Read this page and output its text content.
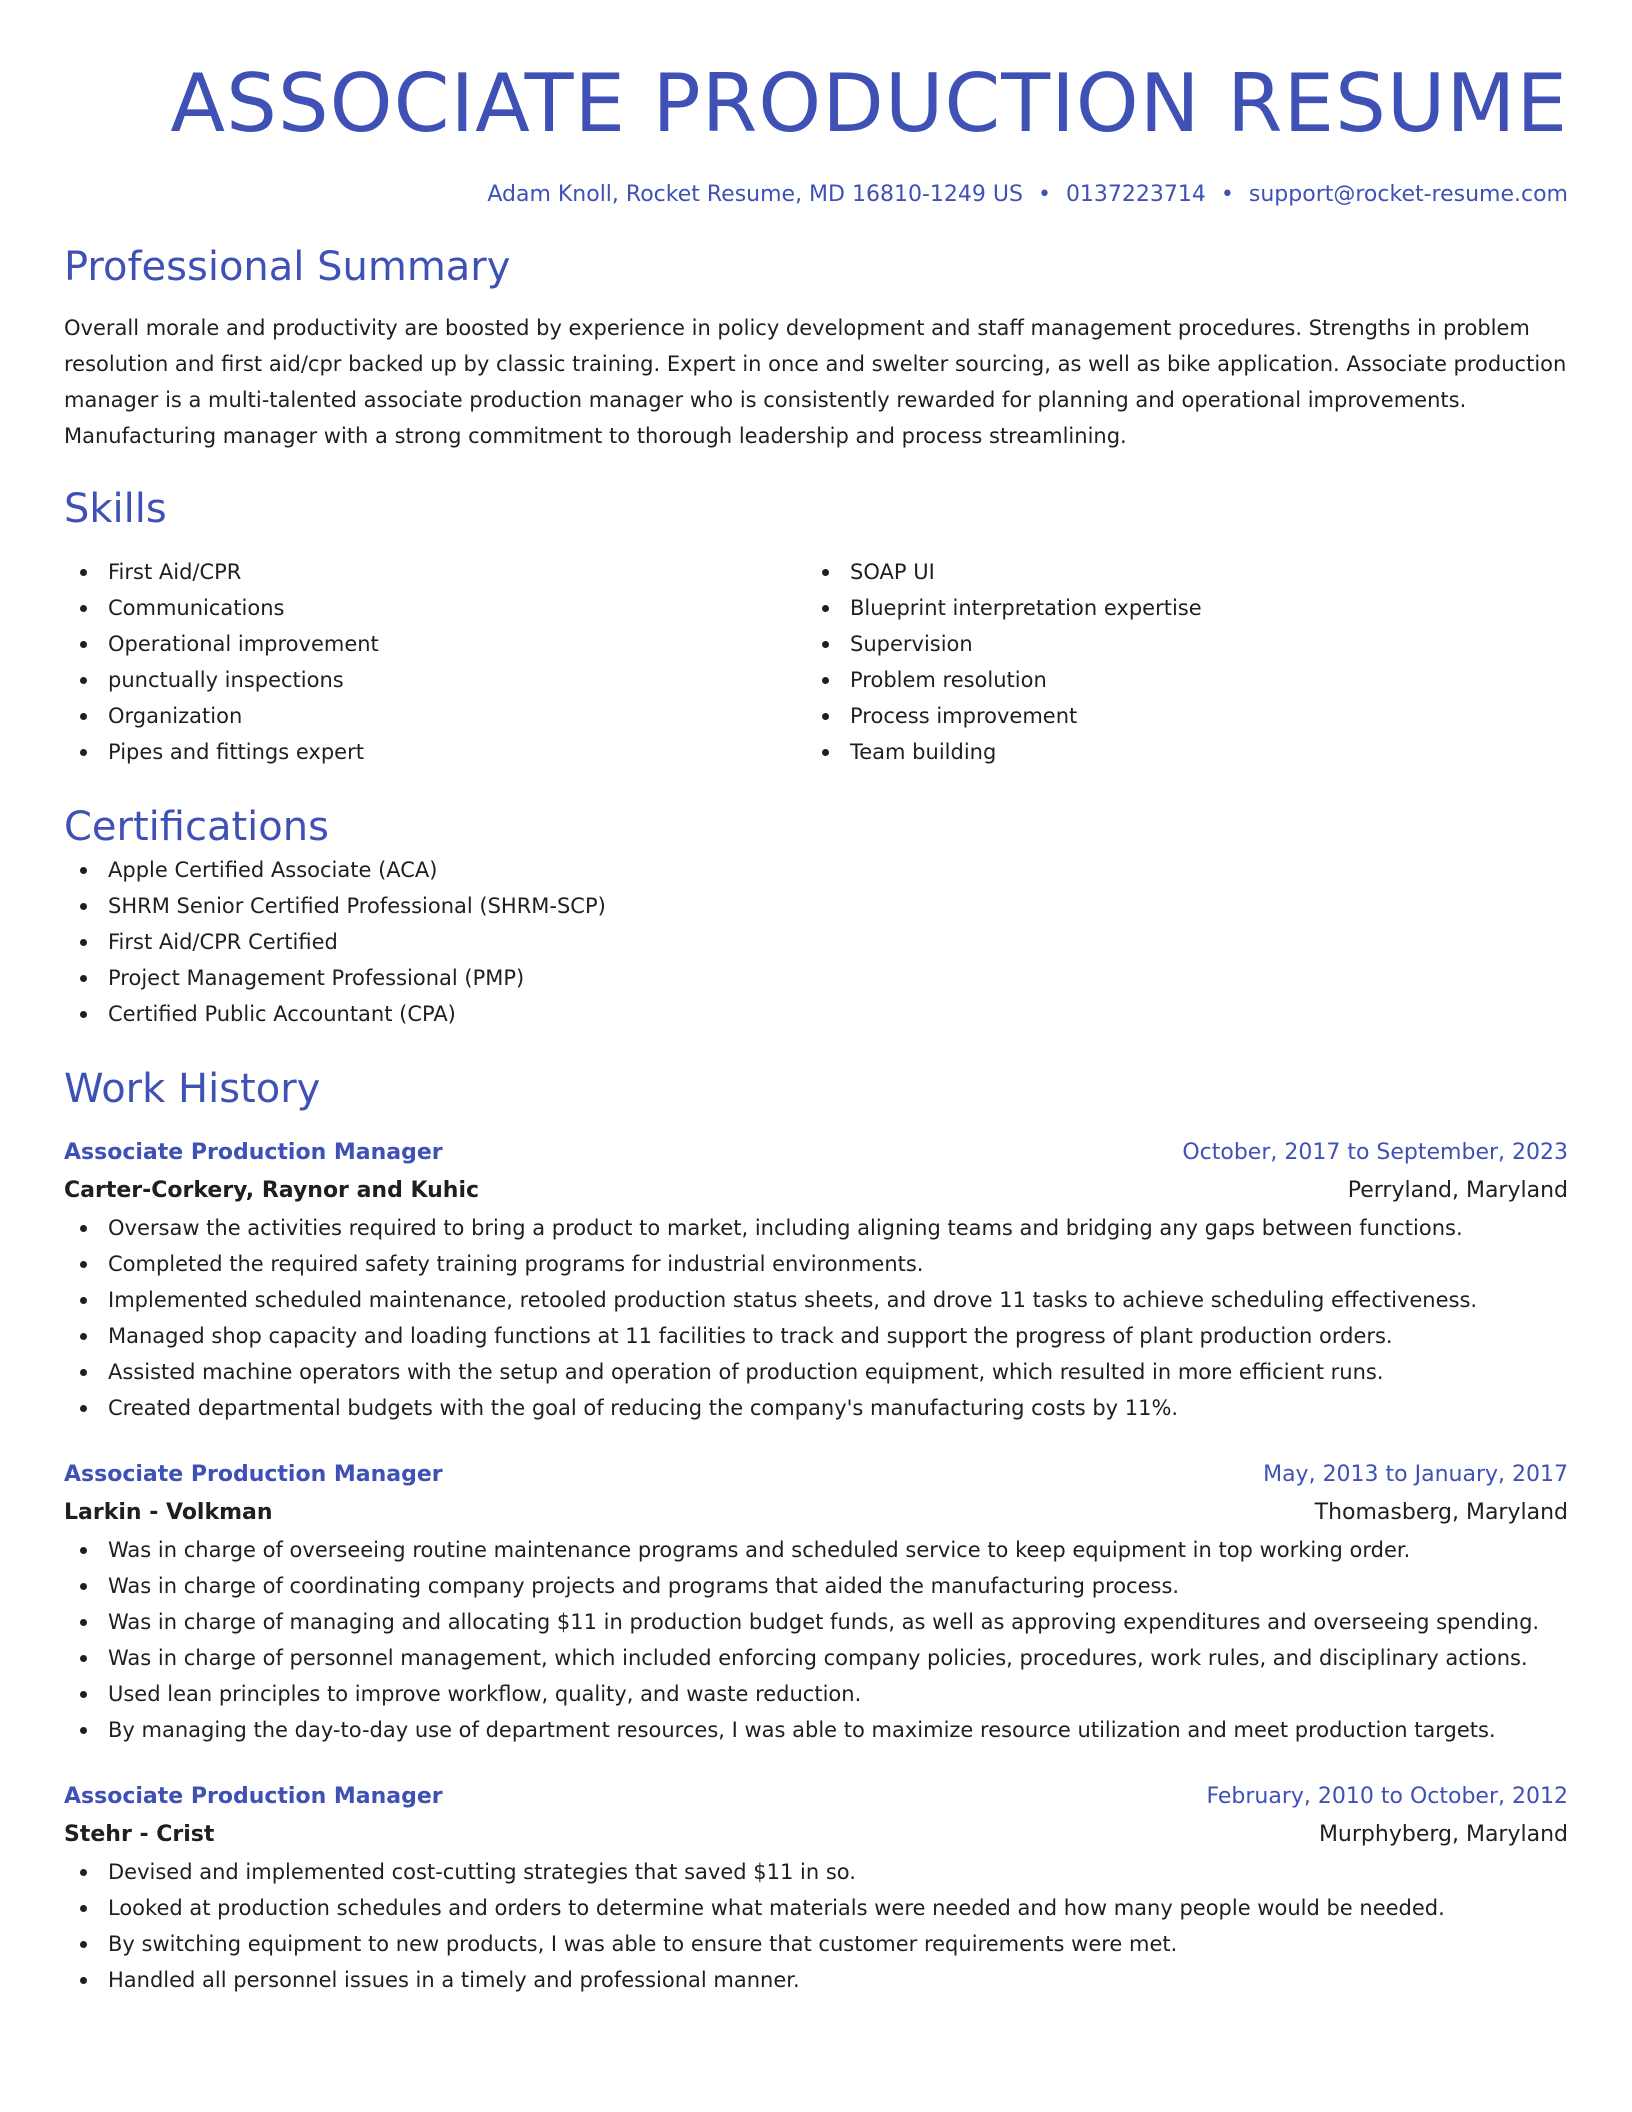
ASSOCIATE PRODUCTION RESUME
Adam Knoll, Rocket Resume, MD 16810-1249 US • 0137223714 • support@rocket-resume.com
Professional Summary
Overall morale and productivity are boosted by experience in policy development and staff management procedures. Strengths in problem resolution and first aid/cpr backed up by classic training. Expert in once and swelter sourcing, as well as bike application. Associate production manager is a multi-talented associate production manager who is consistently rewarded for planning and operational improvements. Manufacturing manager with a strong commitment to thorough leadership and process streamlining.
Skills
First Aid/CPR
Communications
Operational improvement
punctually inspections
Organization
Pipes and fittings expert
SOAP UI
Blueprint interpretation expertise
Supervision
Problem resolution
Process improvement
Team building
Certifications
Apple Certified Associate (ACA)
SHRM Senior Certified Professional (SHRM-SCP)
First Aid/CPR Certified
Project Management Professional (PMP)
Certified Public Accountant (CPA)
Work History
Associate Production Manager	October, 2017 to September, 2023
Carter-Corkery, Raynor and Kuhic	Perryland, Maryland
Oversaw the activities required to bring a product to market, including aligning teams and bridging any gaps between functions.
Completed the required safety training programs for industrial environments.
Implemented scheduled maintenance, retooled production status sheets, and drove 11 tasks to achieve scheduling effectiveness.
Managed shop capacity and loading functions at 11 facilities to track and support the progress of plant production orders.
Assisted machine operators with the setup and operation of production equipment, which resulted in more efficient runs.
Created departmental budgets with the goal of reducing the company's manufacturing costs by 11%.
Associate Production Manager	May, 2013 to January, 2017
Larkin - Volkman	Thomasberg, Maryland
Was in charge of overseeing routine maintenance programs and scheduled service to keep equipment in top working order.
Was in charge of coordinating company projects and programs that aided the manufacturing process.
Was in charge of managing and allocating $11 in production budget funds, as well as approving expenditures and overseeing spending.
Was in charge of personnel management, which included enforcing company policies, procedures, work rules, and disciplinary actions.
Used lean principles to improve workflow, quality, and waste reduction.
By managing the day-to-day use of department resources, I was able to maximize resource utilization and meet production targets.
Associate Production Manager	February, 2010 to October, 2012
Stehr - Crist	Murphyberg, Maryland
Devised and implemented cost-cutting strategies that saved $11 in so.
Looked at production schedules and orders to determine what materials were needed and how many people would be needed.
By switching equipment to new products, I was able to ensure that customer requirements were met.
Handled all personnel issues in a timely and professional manner.
